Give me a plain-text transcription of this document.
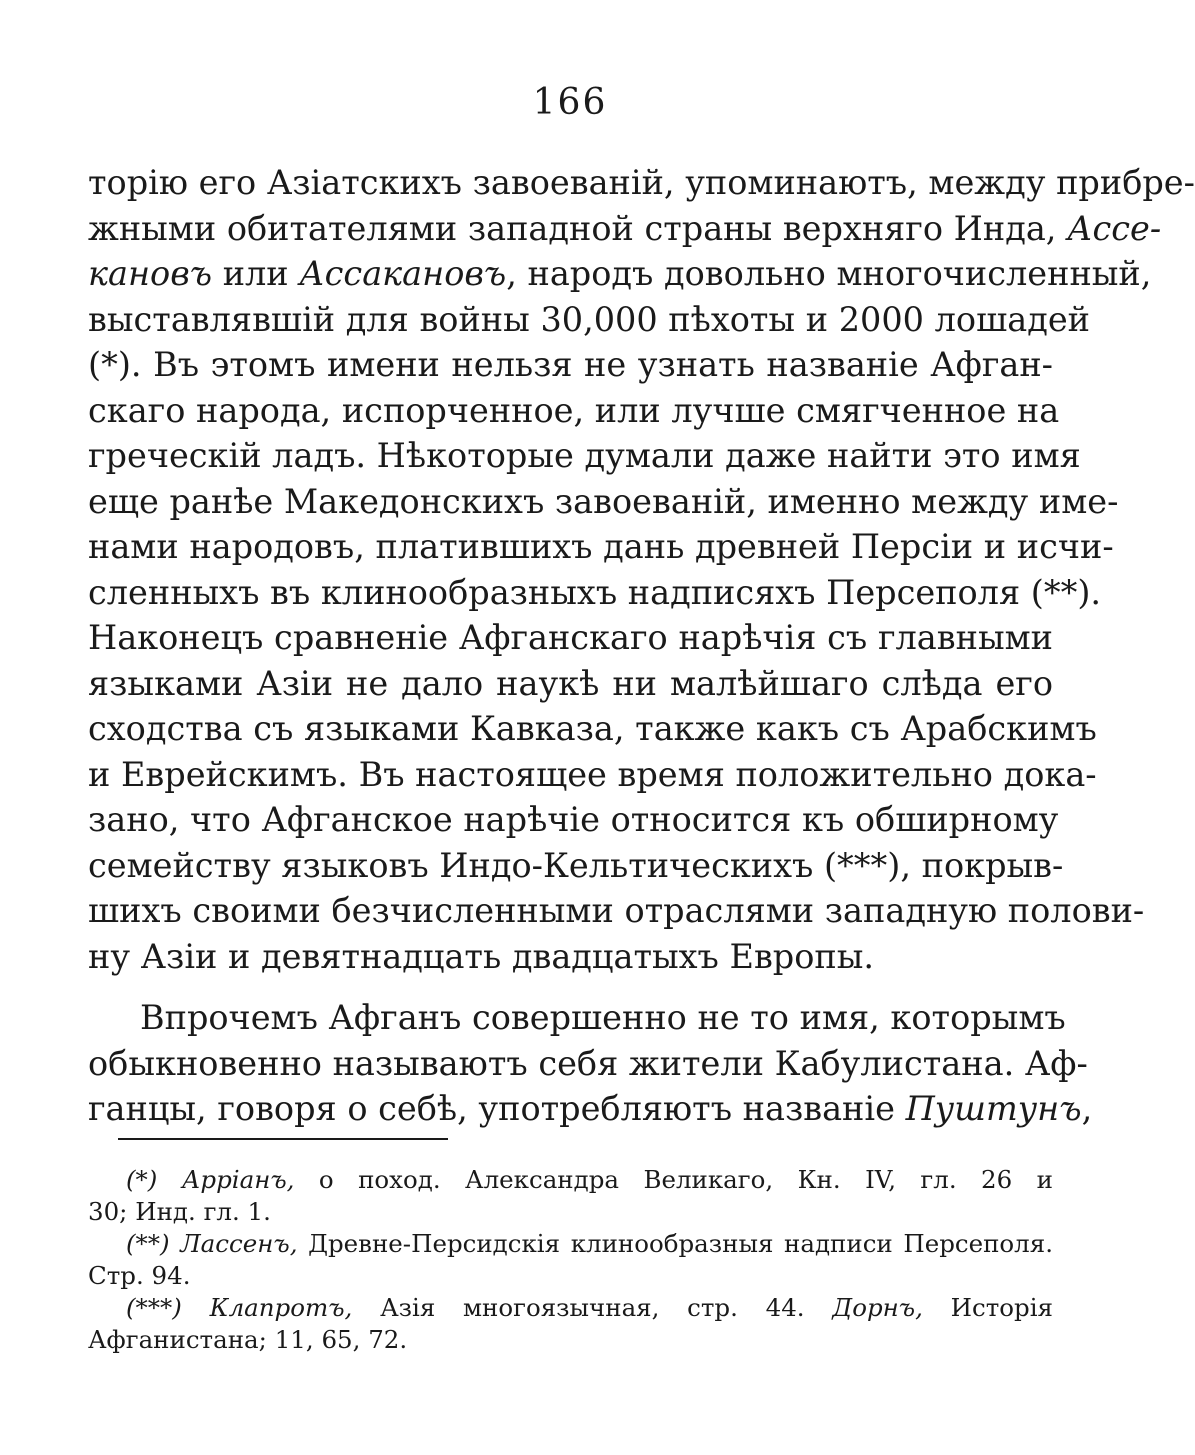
166
торію его Азіатскихъ завоеваній, упоминаютъ, между прибре-
жными обитателями западной страны верхняго Инда, Ассе-
кановъ или Ассакановъ, народъ довольно многочисленный,
выставлявшій для войны 30,000 пѣхоты и 2000 лошадей
(*). Въ этомъ имени нельзя не узнать названіе Афган-
скаго народа, испорченное, или лучше смягченное на
греческій ладъ. Нѣкоторые думали даже найти это имя
еще ранѣе Македонскихъ завоеваній, именно между име-
нами народовъ, платившихъ дань древней Персіи и исчи-
сленныхъ въ клинообразныхъ надписяхъ Персеполя (**).
Наконецъ сравненіе Афганскаго нарѣчія съ главными
языками Азіи не дало наукѣ ни малѣйшаго слѣда его
сходства съ языками Кавказа, также какъ съ Арабскимъ
и Еврейскимъ. Въ настоящее время положительно дока-
зано, что Афганское нарѣчіе относится къ обширному
семейству языковъ Индо-Кельтическихъ (***), покрыв-
шихъ своими безчисленными отраслями западную полови-
ну Азіи и девятнадцать двадцатыхъ Европы.
Впрочемъ Афганъ совершенно не то имя, которымъ
обыкновенно называютъ себя жители Кабулистана. Аф-
ганцы, говоря о себѣ, употребляютъ названіе Пуштунъ,
(*) Арріанъ, о поход. Александра Великаго, Кн. IV, гл. 26 и
30; Инд. гл. 1.
(**) Лассенъ, Древне-Персидскія клинообразныя надписи Персеполя.
Стр. 94.
(***) Клапротъ, Азія многоязычная, стр. 44. Дорнъ, Исторія
Афганистана; 11, 65, 72.
